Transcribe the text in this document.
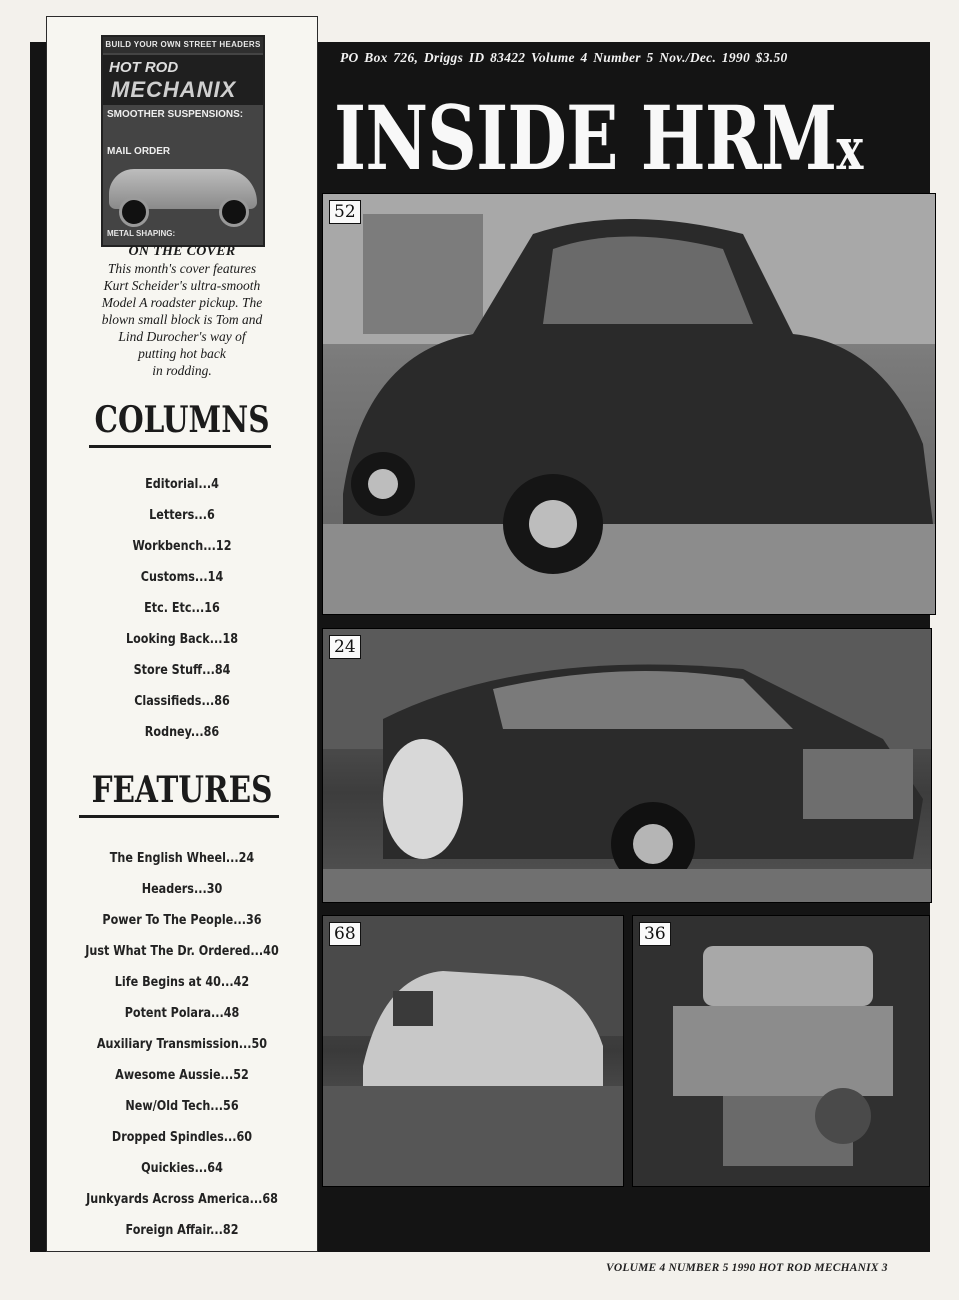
BUILD YOUR OWN STREET HEADERS
HOT ROD
MECHANIX
SMOOTHER SUSPENSIONS:
MAIL ORDER
METAL SHAPING:
ON THE COVER
This month's cover features
Kurt Scheider's ultra-smooth
Model A roadster pickup. The
blown small block is Tom and
Lind Durocher's way of
putting hot back
in rodding.
COLUMNS
Editorial...4
Letters...6
Workbench...12
Customs...14
Etc. Etc...16
Looking Back...18
Store Stuff...84
Classifieds...86
Rodney...86
FEATURES
The English Wheel...24
Headers...30
Power To The People...36
Just What The Dr. Ordered...40
Life Begins at 40...42
Potent Polara...48
Auxiliary Transmission...50
Awesome Aussie...52
New/Old Tech...56
Dropped Spindles...60
Quickies...64
Junkyards Across America...68
Foreign Affair...82
PO Box 726, Driggs ID 83422 Volume 4 Number 5 Nov./Dec. 1990 $3.50
INSIDE HRMx
52
24
68	36
VOLUME 4 NUMBER 5 1990 HOT ROD MECHANIX 3
